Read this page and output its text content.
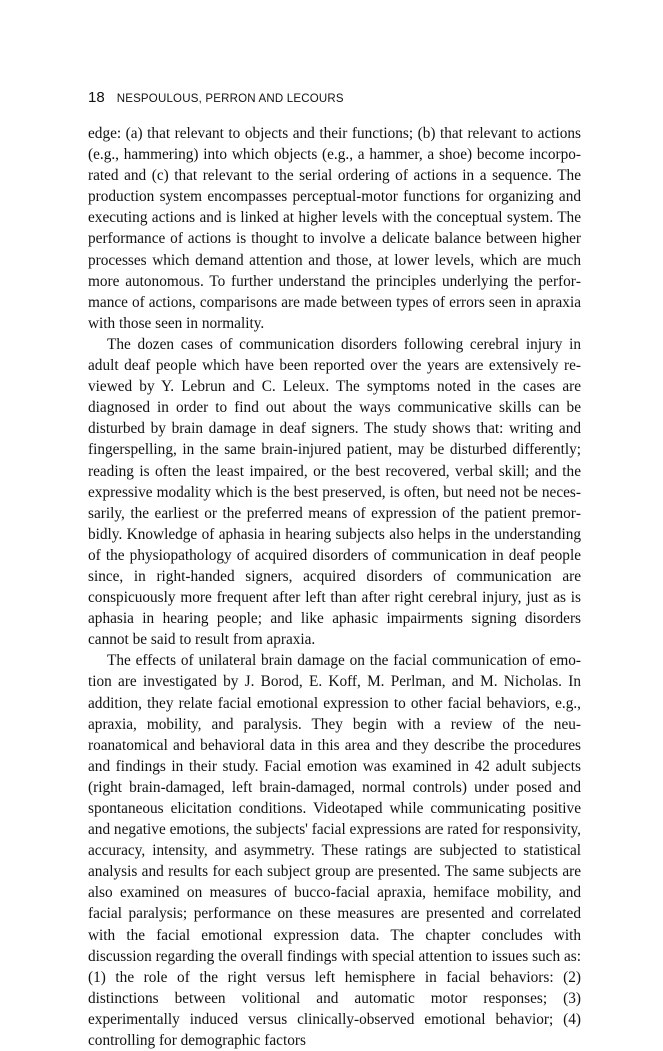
18 NESPOULOUS, PERRON AND LECOURS

edge: (a) that relevant to objects and their functions; (b) that relevant to actions (e.g., hammering) into which objects (e.g., a hammer, a shoe) become incorporated and (c) that relevant to the serial ordering of actions in a sequence. The production system encompasses perceptual-motor functions for organizing and executing actions and is linked at higher levels with the conceptual system. The performance of actions is thought to involve a delicate balance between higher processes which demand attention and those, at lower levels, which are much more autonomous. To further understand the principles underlying the performance of actions, comparisons are made between types of errors seen in apraxia with those seen in normality.

The dozen cases of communication disorders following cerebral injury in adult deaf people which have been reported over the years are extensively reviewed by Y. Lebrun and C. Leleux. The symptoms noted in the cases are diagnosed in order to find out about the ways communicative skills can be disturbed by brain damage in deaf signers. The study shows that: writing and fingerspelling, in the same brain-injured patient, may be disturbed differently; reading is often the least impaired, or the best recovered, verbal skill; and the expressive modality which is the best preserved, is often, but need not be necessarily, the earliest or the preferred means of expression of the patient premorbidly. Knowledge of aphasia in hearing subjects also helps in the understanding of the physiopathology of acquired disorders of communication in deaf people since, in right-handed signers, acquired disorders of communication are conspicuously more frequent after left than after right cerebral injury, just as is aphasia in hearing people; and like aphasic impairments signing disorders cannot be said to result from apraxia.

The effects of unilateral brain damage on the facial communication of emotion are investigated by J. Borod, E. Koff, M. Perlman, and M. Nicholas. In addition, they relate facial emotional expression to other facial behaviors, e.g., apraxia, mobility, and paralysis. They begin with a review of the neuroanatomical and behavioral data in this area and they describe the procedures and findings in their study. Facial emotion was examined in 42 adult subjects (right brain-damaged, left brain-damaged, normal controls) under posed and spontaneous elicitation conditions. Videotaped while communicating positive and negative emotions, the subjects' facial expressions are rated for responsivity, accuracy, intensity, and asymmetry. These ratings are subjected to statistical analysis and results for each subject group are presented. The same subjects are also examined on measures of bucco-facial apraxia, hemiface mobility, and facial paralysis; performance on these measures are presented and correlated with the facial emotional expression data. The chapter concludes with discussion regarding the overall findings with special attention to issues such as: (1) the role of the right versus left hemisphere in facial behaviors: (2) distinctions between volitional and automatic motor responses; (3) experimentally induced versus clinically-observed emotional behavior; (4) controlling for demographic factors
